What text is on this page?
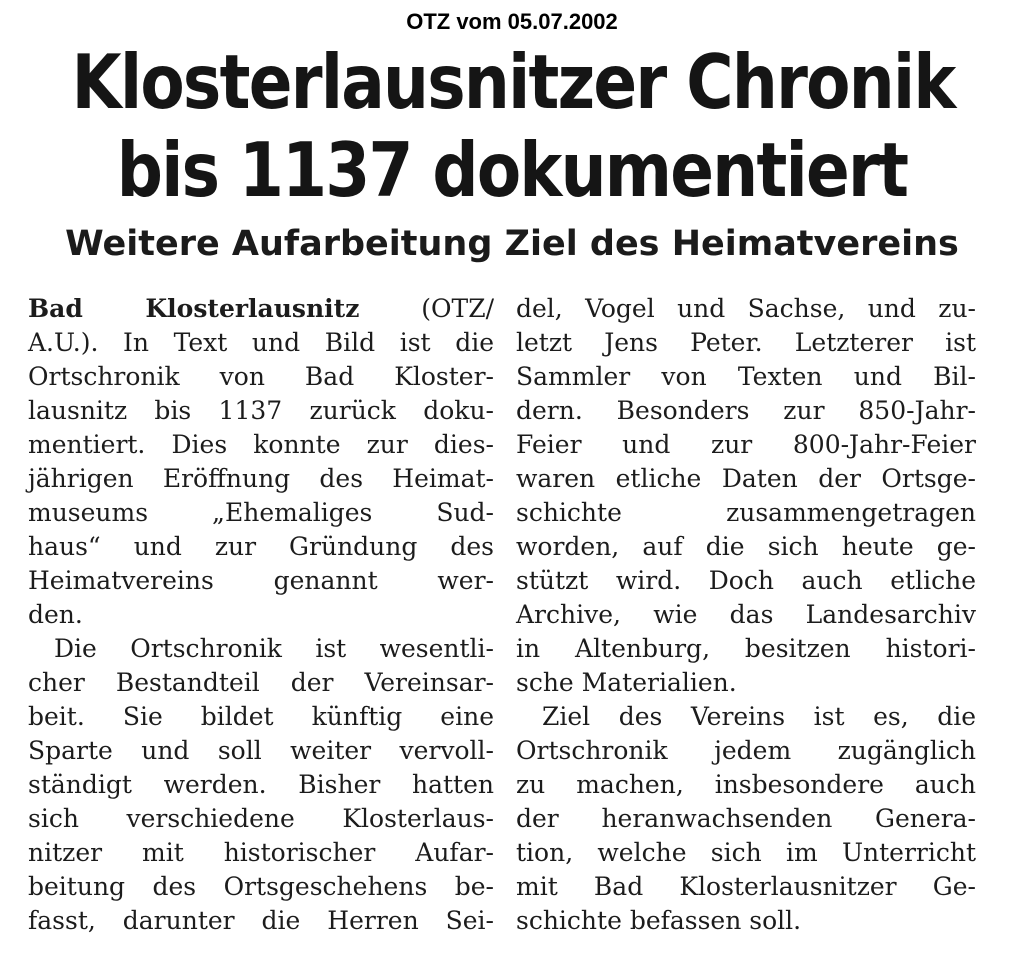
OTZ vom 05.07.2002
Klosterlausnitzer Chronik
bis 1137 dokumentiert
Weitere Aufarbeitung Ziel des Heimatvereins
Bad Klosterlausnitz (OTZ/
A.U.). In Text und Bild ist die
Ortschronik von Bad Kloster-
lausnitz bis 1137 zurück doku-
mentiert. Dies konnte zur dies-
jährigen Eröffnung des Heimat-
museums „Ehemaliges Sud-
haus“ und zur Gründung des
Heimatvereins genannt wer-
den.
Die Ortschronik ist wesentli-
cher Bestandteil der Vereinsar-
beit. Sie bildet künftig eine
Sparte und soll weiter vervoll-
ständigt werden. Bisher hatten
sich verschiedene Klosterlaus-
nitzer mit historischer Aufar-
beitung des Ortsgeschehens be-
fasst, darunter die Herren Sei-
del, Vogel und Sachse, und zu-
letzt Jens Peter. Letzterer ist
Sammler von Texten und Bil-
dern. Besonders zur 850-Jahr-
Feier und zur 800-Jahr-Feier
waren etliche Daten der Ortsge-
schichte zusammengetragen
worden, auf die sich heute ge-
stützt wird. Doch auch etliche
Archive, wie das Landesarchiv
in Altenburg, besitzen histori-
sche Materialien.
Ziel des Vereins ist es, die
Ortschronik jedem zugänglich
zu machen, insbesondere auch
der heranwachsenden Genera-
tion, welche sich im Unterricht
mit Bad Klosterlausnitzer Ge-
schichte befassen soll.
